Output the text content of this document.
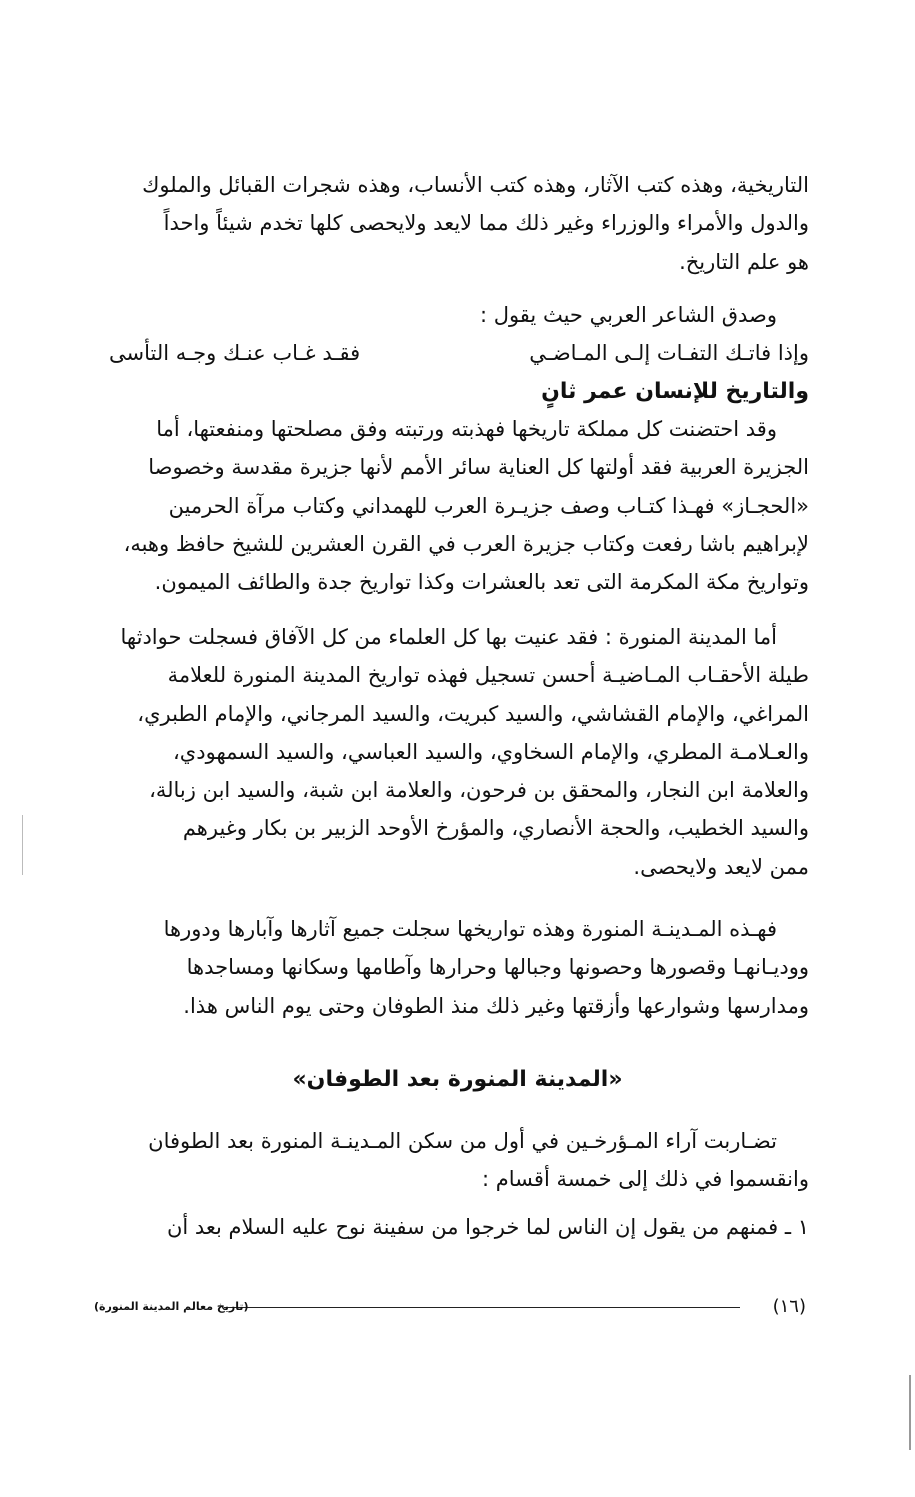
التاريخية، وهذه كتب الآثار، وهذه كتب الأنساب، وهذه شجرات القبائل والملوك
والدول والأمراء والوزراء وغير ذلك مما لايعد ولايحصى كلها تخدم شيئاً واحداً
هو علم التاريخ.
وصدق الشاعر العربي حيث يقول :
وإذا فاتـك التفـات إلـى المـاضـي
فقـد غـاب عنـك وجـه التأسى
والتاريخ للإنسان عمر ثانٍ
وقد احتضنت كل مملكة تاريخها فهذبته ورتبته وفق مصلحتها ومنفعتها، أما
الجزيرة العربية فقد أولتها كل العناية سائر الأمم لأنها جزيرة مقدسة وخصوصا
«الحجـاز» فهـذا كتـاب وصف جزيـرة العرب للهمداني وكتاب مرآة الحرمين
لإبراهيم باشا رفعت وكتاب جزيرة العرب في القرن العشرين للشيخ حافظ وهبه،
وتواريخ مكة المكرمة التى تعد بالعشرات وكذا تواريخ جدة والطائف الميمون.
أما المدينة المنورة : فقد عنيت بها كل العلماء من كل الآفاق فسجلت حوادثها
طيلة الأحقـاب المـاضيـة أحسن تسجيل فهذه تواريخ المدينة المنورة للعلامة
المراغي، والإمام القشاشي، والسيد كبريت، والسيد المرجاني، والإمام الطبري،
والعـلامـة المطري، والإمام السخاوي، والسيد العباسي، والسيد السمهودي،
والعلامة ابن النجار، والمحقق بن فرحون، والعلامة ابن شبة، والسيد ابن زبالة،
والسيد الخطيب، والحجة الأنصاري، والمؤرخ الأوحد الزبير بن بكار وغيرهم
ممن لايعد ولايحصى.
فهـذه المـدينـة المنورة وهذه تواريخها سجلت جميع آثارها وآبارها ودورها
ووديـانهـا وقصورها وحصونها وجبالها وحرارها وآطامها وسكانها ومساجدها
ومدارسها وشوارعها وأزقتها وغير ذلك منذ الطوفان وحتى يوم الناس هذا.
«المدينة المنورة بعد الطوفان»
تضـاربت آراء المـؤرخـين في أول من سكن المـدينـة المنورة بعد الطوفان
وانقسموا في ذلك إلى خمسة أقسام :
١ ـ فمنهم من يقول إن الناس لما خرجوا من سفينة نوح عليه السلام بعد أن
(١٦)
(تاريخ معالم المدينة المنورة)
